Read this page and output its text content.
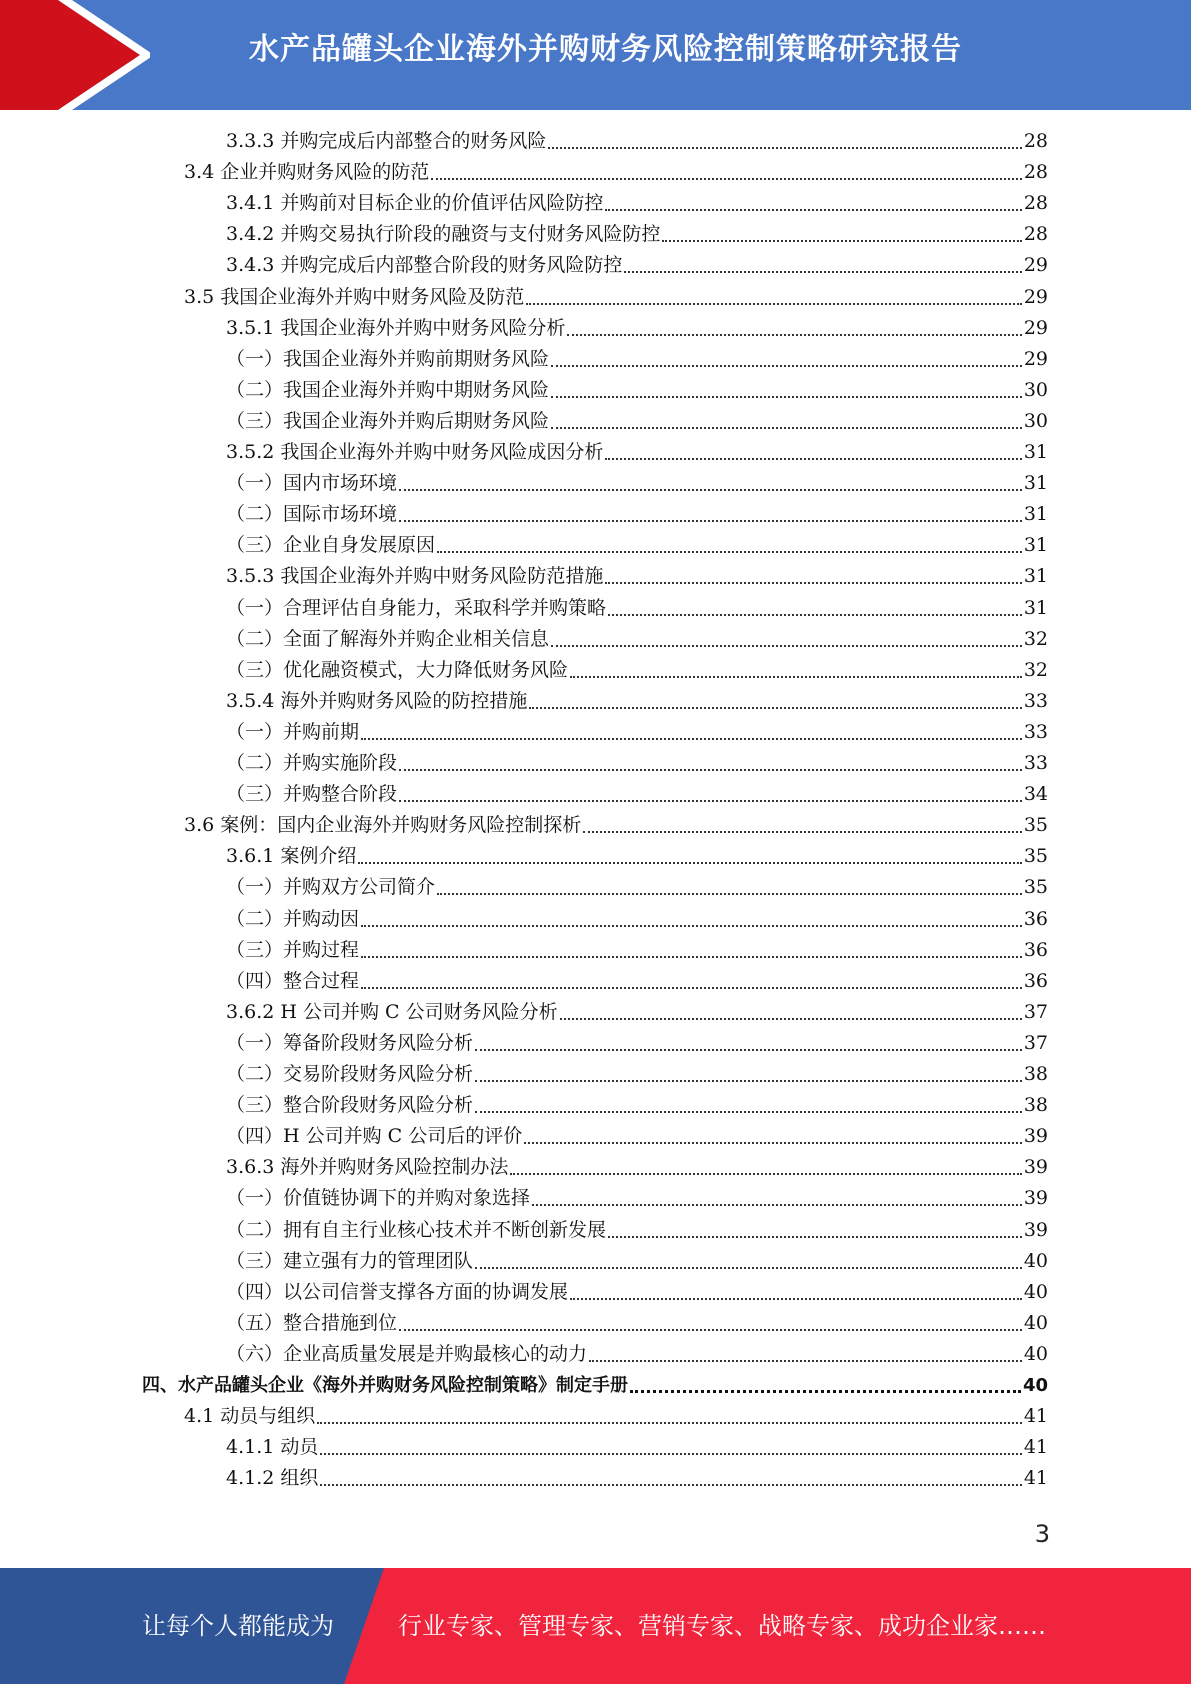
水产品罐头企业海外并购财务风险控制策略研究报告
3.3.3 并购完成后内部整合的财务风险	28
3.4 企业并购财务风险的防范	28
3.4.1 并购前对目标企业的价值评估风险防控	28
3.4.2 并购交易执行阶段的融资与支付财务风险防控	28
3.4.3 并购完成后内部整合阶段的财务风险防控	29
3.5 我国企业海外并购中财务风险及防范	29
3.5.1 我国企业海外并购中财务风险分析	29
（一）我国企业海外并购前期财务风险	29
（二）我国企业海外并购中期财务风险	30
（三）我国企业海外并购后期财务风险	30
3.5.2 我国企业海外并购中财务风险成因分析	31
（一）国内市场环境	31
（二）国际市场环境	31
（三）企业自身发展原因	31
3.5.3 我国企业海外并购中财务风险防范措施	31
（一）合理评估自身能力，采取科学并购策略	31
（二）全面了解海外并购企业相关信息	32
（三）优化融资模式，大力降低财务风险	32
3.5.4 海外并购财务风险的防控措施	33
（一）并购前期	33
（二）并购实施阶段	33
（三）并购整合阶段	34
3.6 案例：国内企业海外并购财务风险控制探析	35
3.6.1 案例介绍	35
（一）并购双方公司简介	35
（二）并购动因	36
（三）并购过程	36
（四）整合过程	36
3.6.2 H 公司并购 C 公司财务风险分析	37
（一）筹备阶段财务风险分析	37
（二）交易阶段财务风险分析	38
（三）整合阶段财务风险分析	38
（四）H 公司并购 C 公司后的评价	39
3.6.3 海外并购财务风险控制办法	39
（一）价值链协调下的并购对象选择	39
（二）拥有自主行业核心技术并不断创新发展	39
（三）建立强有力的管理团队	40
（四）以公司信誉支撑各方面的协调发展	40
（五）整合措施到位	40
（六）企业高质量发展是并购最核心的动力	40
四、水产品罐头企业《海外并购财务风险控制策略》制定手册	40
4.1 动员与组织	41
4.1.1 动员	41
4.1.2 组织	41
3
让每个人都能成为	行业专家、管理专家、营销专家、战略专家、成功企业家……
